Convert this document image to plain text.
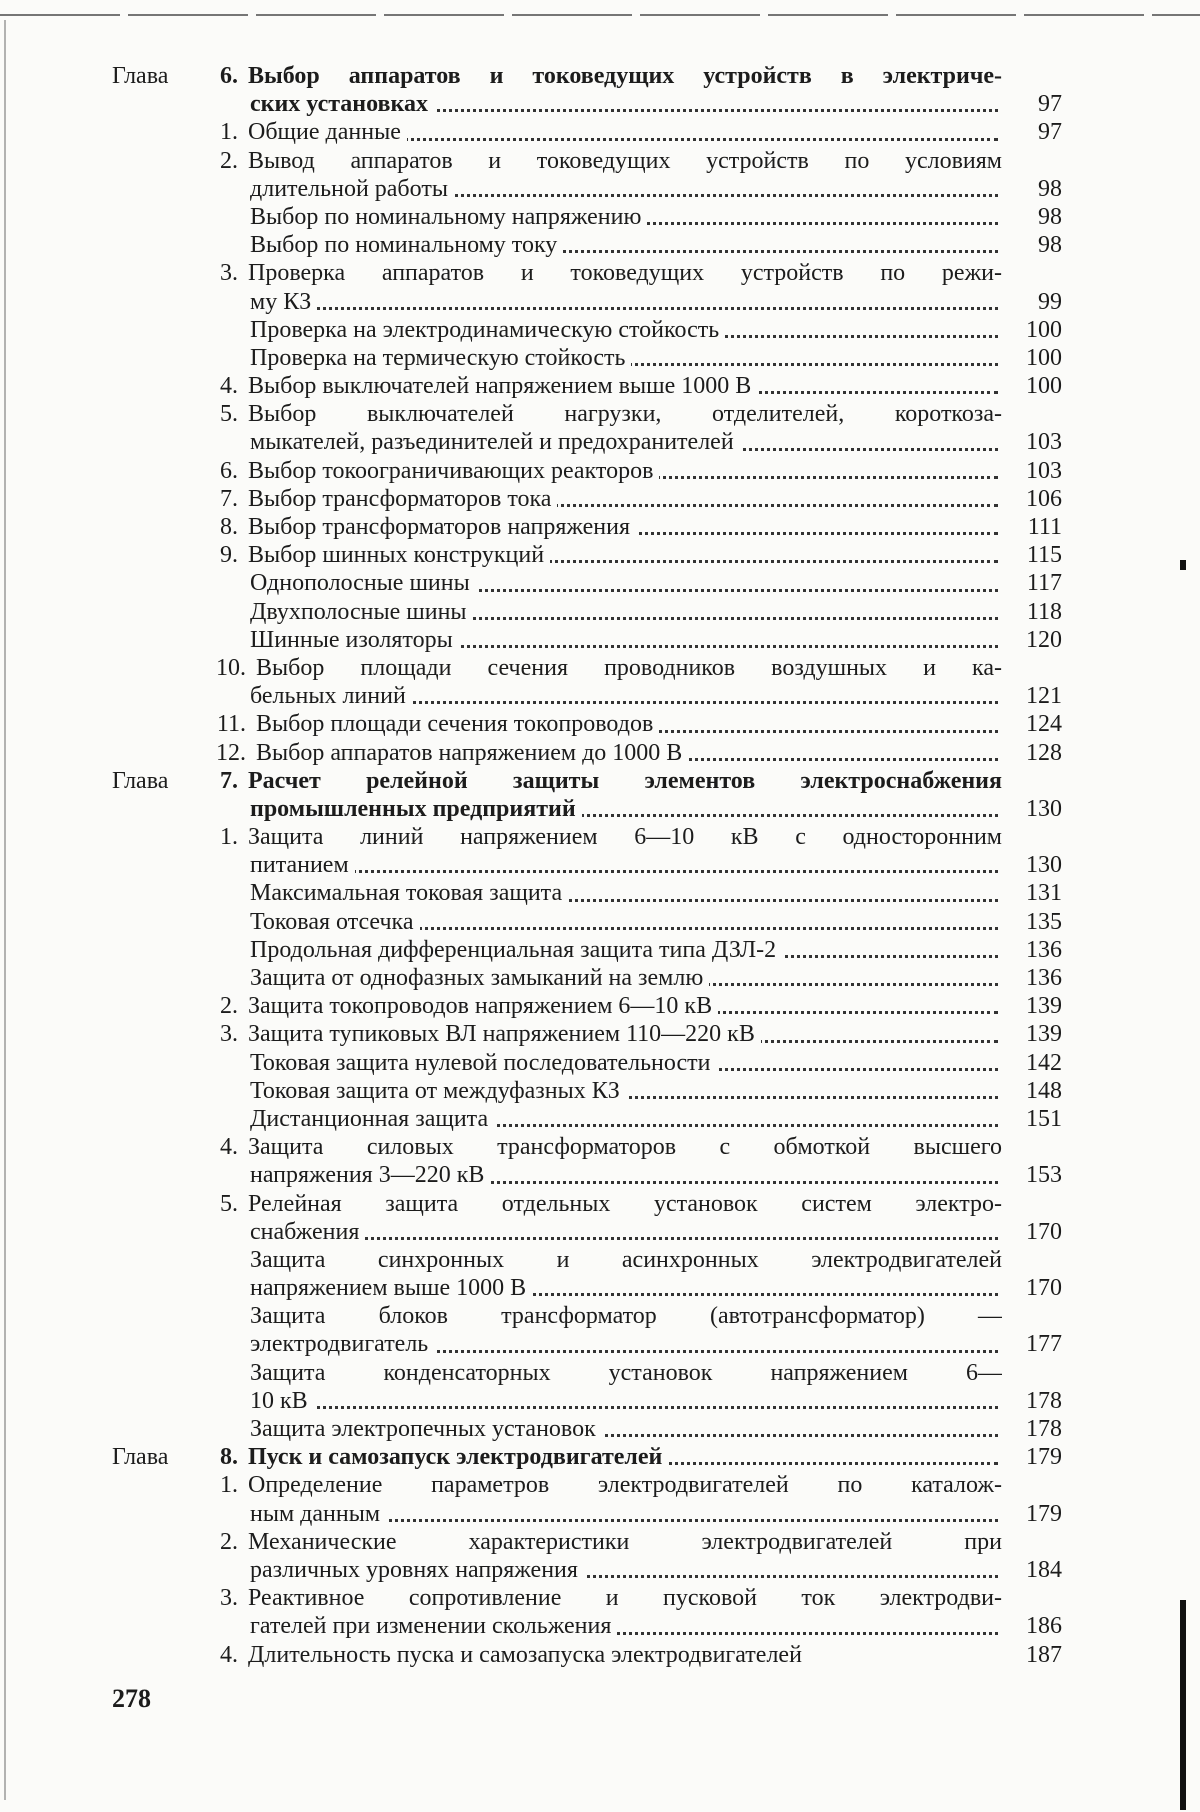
Глава 6. Выбор аппаратов и токоведущих устройств в электриче-
ских установках	97
1. Общие данные	97
2. Вывод аппаратов и токоведущих устройств по условиям
длительной работы	98
Выбор по номинальному напряжению	98
Выбор по номинальному току	98
3. Проверка аппаратов и токоведущих устройств по режи-
му КЗ	99
Проверка на электродинамическую стойкость	100
Проверка на термическую стойкость	100
4. Выбор выключателей напряжением выше 1000 В	100
5. Выбор выключателей нагрузки, отделителей, короткоза-
мыкателей, разъединителей и предохранителей	103
6. Выбор токоограничивающих реакторов	103
7. Выбор трансформаторов тока	106
8. Выбор трансформаторов напряжения	111
9. Выбор шинных конструкций	115
Однополосные шины	117
Двухполосные шины	118
Шинные изоляторы	120
10. Выбор площади сечения проводников воздушных и ка-
бельных линий	121
11. Выбор площади сечения токопроводов	124
12. Выбор аппаратов напряжением до 1000 В	128
Глава 7. Расчет релейной защиты элементов электроснабжения
промышленных предприятий	130
1. Защита линий напряжением 6—10 кВ с односторонним
питанием	130
Максимальная токовая защита	131
Токовая отсечка	135
Продольная дифференциальная защита типа ДЗЛ-2	136
Защита от однофазных замыканий на землю	136
2. Защита токопроводов напряжением 6—10 кВ	139
3. Защита тупиковых ВЛ напряжением 110—220 кВ	139
Токовая защита нулевой последовательности	142
Токовая защита от междуфазных КЗ	148
Дистанционная защита	151
4. Защита силовых трансформаторов с обмоткой высшего
напряжения 3—220 кВ	153
5. Релейная защита отдельных установок систем электро-
снабжения	170
Защита синхронных и асинхронных электродвигателей
напряжением выше 1000 В	170
Защита блоков трансформатор (автотрансформатор) —
электродвигатель	177
Защита конденсаторных установок напряжением 6—
10 кВ	178
Защита электропечных установок	178
Глава 8. Пуск и самозапуск электродвигателей	179
1. Определение параметров электродвигателей по каталож-
ным данным	179
2. Механические характеристики электродвигателей при
различных уровнях напряжения	184
3. Реактивное сопротивление и пусковой ток электродви-
гателей при изменении скольжения	186
4. Длительность пуска и самозапуска электродвигателей	187
278
